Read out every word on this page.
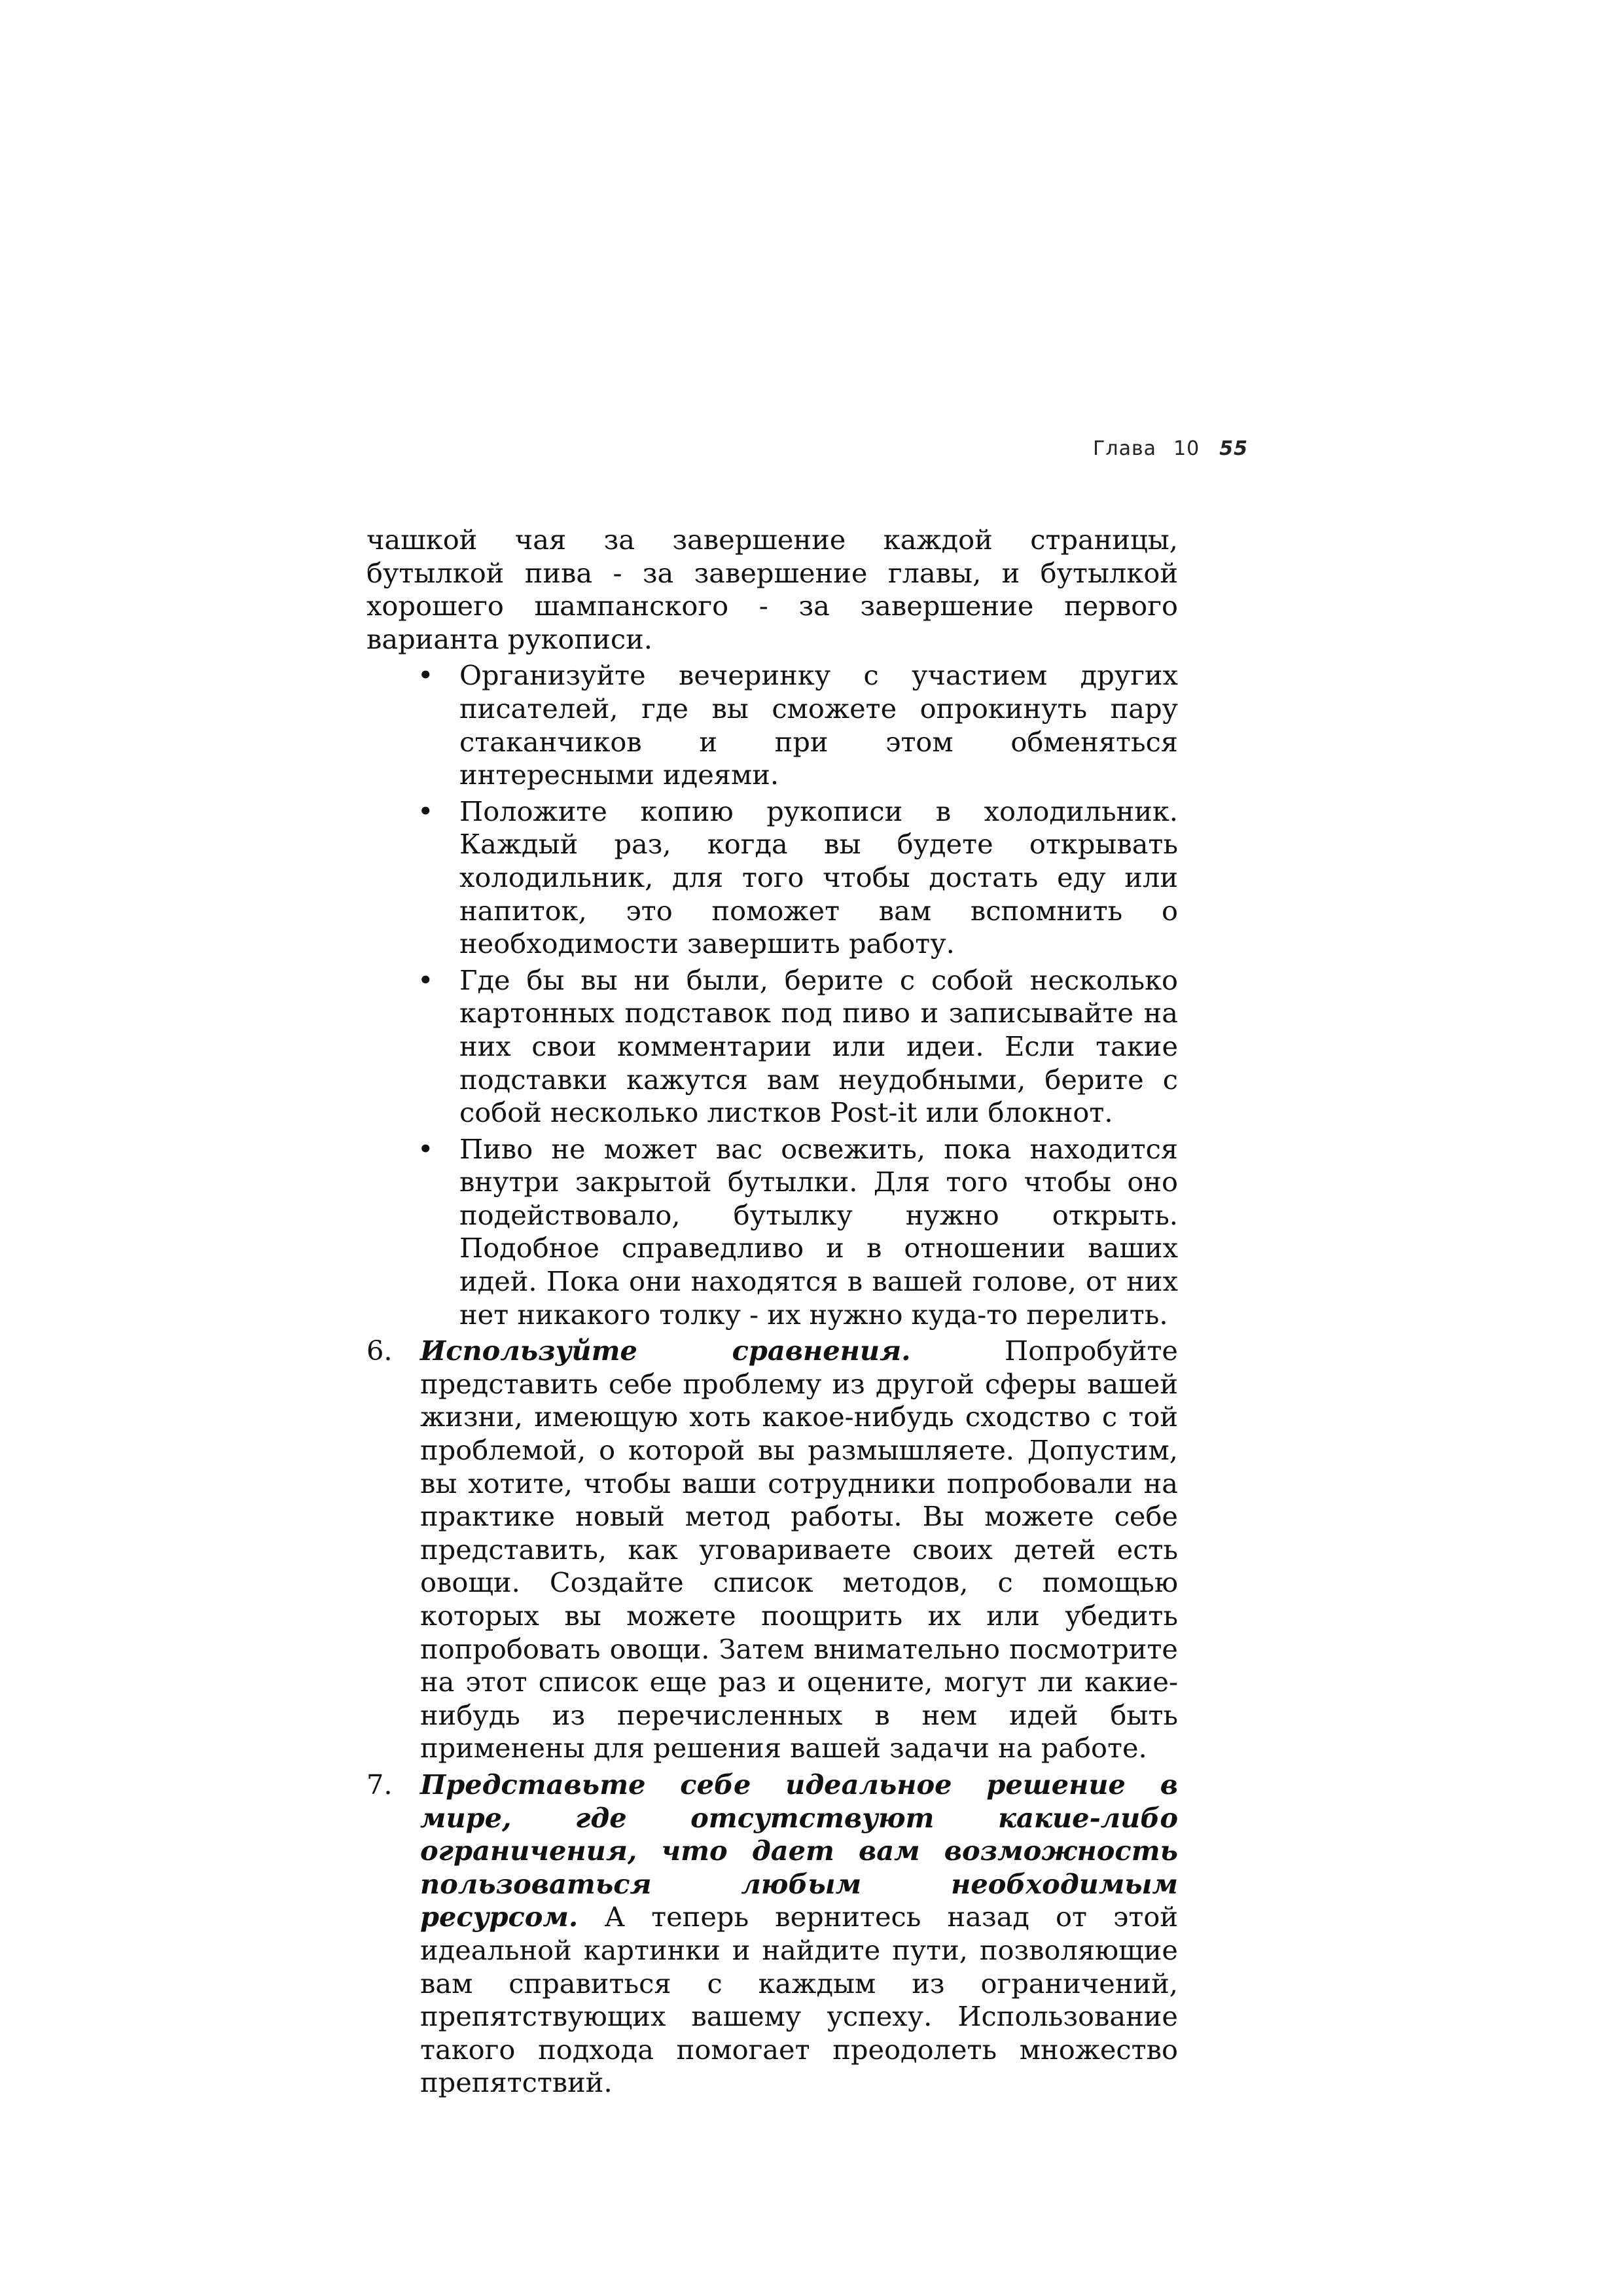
Глава 10 55

чашкой чая за завершение каждой страницы, бутылкой пива - за завершение главы, и бутылкой хорошего шампанского - за завершение первого варианта рукописи.

• Организуйте вечеринку с участием других писателей, где вы сможете опрокинуть пару стаканчиков и при этом обменяться интересными идеями.
• Положите копию рукописи в холодильник. Каждый раз, когда вы будете открывать холодильник, для того чтобы достать еду или напиток, это поможет вам вспомнить о необходимости завершить работу.
• Где бы вы ни были, берите с собой несколько картонных подставок под пиво и записывайте на них свои комментарии или идеи. Если такие подставки кажутся вам неудобными, берите с собой несколько листков Post-it или блокнот.
• Пиво не может вас освежить, пока находится внутри закрытой бутылки. Для того чтобы оно подействовало, бутылку нужно открыть. Подобное справедливо и в отношении ваших идей. Пока они находятся в вашей голове, от них нет никакого толку - их нужно куда-то перелить.
6. Используйте сравнения. Попробуйте представить себе проблему из другой сферы вашей жизни, имеющую хоть какое-нибудь сходство с той проблемой, о которой вы размышляете. Допустим, вы хотите, чтобы ваши сотрудники попробовали на практике новый метод работы. Вы можете себе представить, как уговариваете своих детей есть овощи. Создайте список методов, с помощью которых вы можете поощрить их или убедить попробовать овощи. Затем внимательно посмотрите на этот список еще раз и оцените, могут ли какие-нибудь из перечисленных в нем идей быть применены для решения вашей задачи на работе.
7. Представьте себе идеальное решение в мире, где отсутствуют какие-либо ограничения, что дает вам возможность пользоваться любым необходимым ресурсом. А теперь вернитесь назад от этой идеальной картинки и найдите пути, позволяющие вам справиться с каждым из ограничений, препятствующих вашему успеху. Использование такого подхода помогает преодолеть множество препятствий.
